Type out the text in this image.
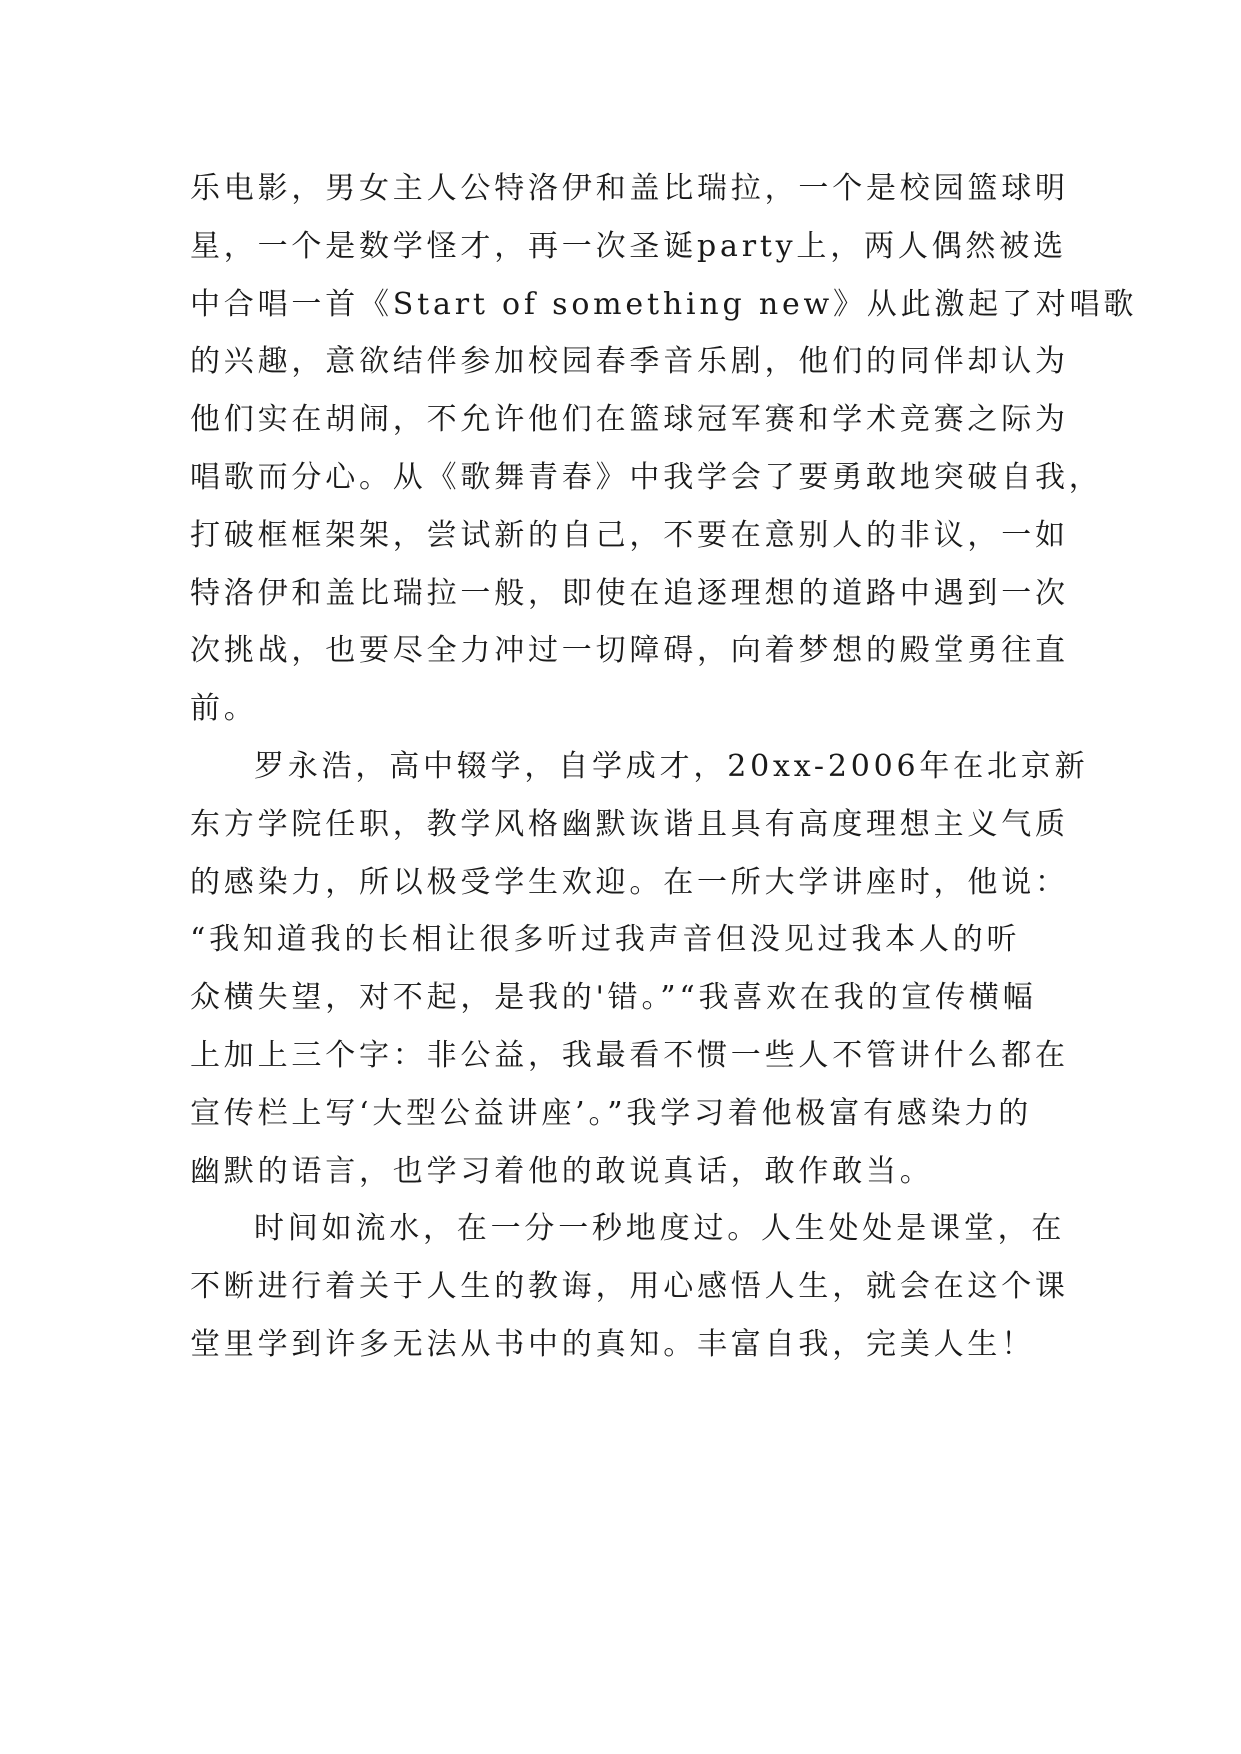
乐电影，男女主人公特洛伊和盖比瑞拉，一个是校园篮球明
星，一个是数学怪才，再一次圣诞party上，两人偶然被选
中合唱一首《Start of something new》从此激起了对唱歌
的兴趣，意欲结伴参加校园春季音乐剧，他们的同伴却认为
他们实在胡闹，不允许他们在篮球冠军赛和学术竞赛之际为
唱歌而分心。从《歌舞青春》中我学会了要勇敢地突破自我，
打破框框架架，尝试新的自己，不要在意别人的非议，一如
特洛伊和盖比瑞拉一般，即使在追逐理想的道路中遇到一次
次挑战，也要尽全力冲过一切障碍，向着梦想的殿堂勇往直
前。
罗永浩，高中辍学，自学成才，20xx-2006年在北京新
东方学院任职，教学风格幽默诙谐且具有高度理想主义气质
的感染力，所以极受学生欢迎。在一所大学讲座时，他说：
“我知道我的长相让很多听过我声音但没见过我本人的听
众横失望，对不起，是我的'错。”“我喜欢在我的宣传横幅
上加上三个字：非公益，我最看不惯一些人不管讲什么都在
宣传栏上写‘大型公益讲座’。”我学习着他极富有感染力的
幽默的语言，也学习着他的敢说真话，敢作敢当。
时间如流水，在一分一秒地度过。人生处处是课堂，在
不断进行着关于人生的教诲，用心感悟人生，就会在这个课
堂里学到许多无法从书中的真知。丰富自我，完美人生！
